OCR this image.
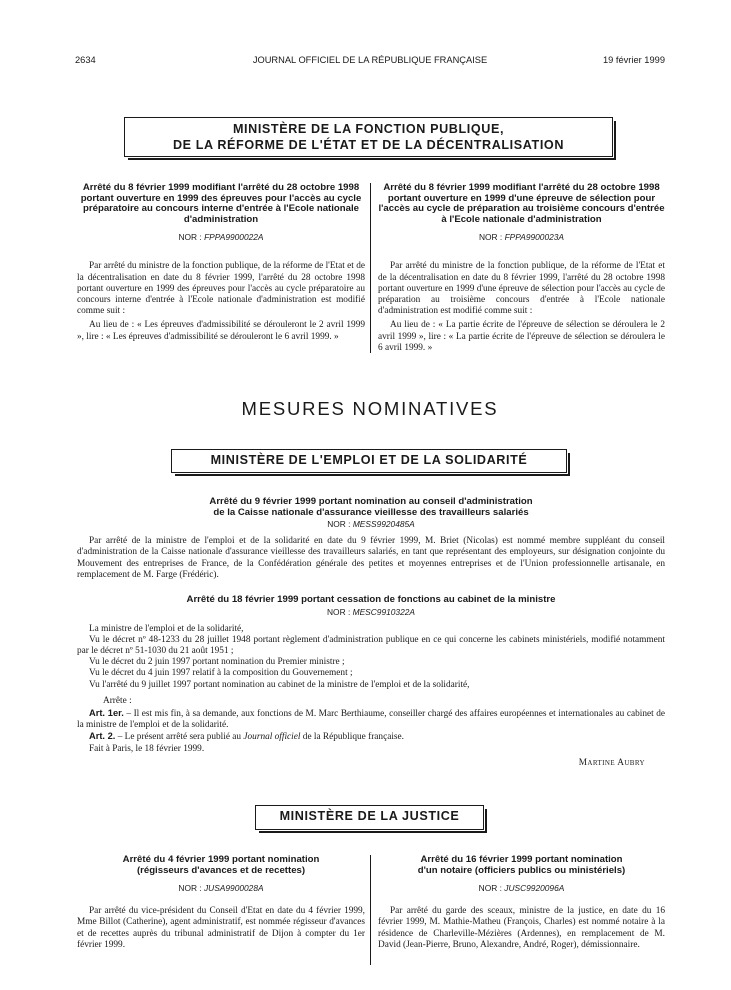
2634	JOURNAL OFFICIEL DE LA RÉPUBLIQUE FRANÇAISE	19 février 1999
MINISTÈRE DE LA FONCTION PUBLIQUE,
DE LA RÉFORME DE L'ÉTAT ET DE LA DÉCENTRALISATION
Arrêté du 8 février 1999 modifiant l'arrêté du 28 octobre 1998 portant ouverture en 1999 des épreuves pour l'accès au cycle préparatoire au concours interne d'entrée à l'Ecole nationale d'administration
NOR : FPPA9900022A

Par arrêté du ministre de la fonction publique, de la réforme de l'Etat et de la décentralisation en date du 8 février 1999, l'arrêté du 28 octobre 1998 portant ouverture en 1999 des épreuves pour l'accès au cycle préparatoire au concours interne d'entrée à l'Ecole nationale d'administration est modifié comme suit :

Au lieu de : « Les épreuves d'admissibilité se dérouleront le 2 avril 1999 », lire : « Les épreuves d'admissibilité se dérouleront le 6 avril 1999. »

Arrêté du 8 février 1999 modifiant l'arrêté du 28 octobre 1998 portant ouverture en 1999 d'une épreuve de sélection pour l'accès au cycle de préparation au troisième concours d'entrée à l'Ecole nationale d'administration
NOR : FPPA9900023A

Par arrêté du ministre de la fonction publique, de la réforme de l'Etat et de la décentralisation en date du 8 février 1999, l'arrêté du 28 octobre 1998 portant ouverture en 1999 d'une épreuve de sélection pour l'accès au cycle de préparation au troisième concours d'entrée à l'Ecole nationale d'administration est modifié comme suit :

Au lieu de : « La partie écrite de l'épreuve de sélection se déroulera le 2 avril 1999 », lire : « La partie écrite de l'épreuve de sélection se déroulera le 6 avril 1999. »

MESURES NOMINATIVES
MINISTÈRE DE L'EMPLOI ET DE LA SOLIDARITÉ
Arrêté du 9 février 1999 portant nomination au conseil d'administration
de la Caisse nationale d'assurance vieillesse des travailleurs salariés
NOR : MESS9920485A

Par arrêté de la ministre de l'emploi et de la solidarité en date du 9 février 1999, M. Briet (Nicolas) est nommé membre suppléant du conseil d'administration de la Caisse nationale d'assurance vieillesse des travailleurs salariés, en tant que représentant des employeurs, sur désignation conjointe du Mouvement des entreprises de France, de la Confédération générale des petites et moyennes entreprises et de l'Union professionnelle artisanale, en remplacement de M. Farge (Frédéric).

Arrêté du 18 février 1999 portant cessation de fonctions au cabinet de la ministre
NOR : MESC9910322A

La ministre de l'emploi et de la solidarité,

Vu le décret nº 48-1233 du 28 juillet 1948 portant règlement d'administration publique en ce qui concerne les cabinets ministériels, modifié notamment par le décret nº 51-1030 du 21 août 1951 ;

Vu le décret du 2 juin 1997 portant nomination du Premier ministre ;

Vu le décret du 4 juin 1997 relatif à la composition du Gouvernement ;

Vu l'arrêté du 9 juillet 1997 portant nomination au cabinet de la ministre de l'emploi et de la solidarité,

Arrête :

Art. 1er. – Il est mis fin, à sa demande, aux fonctions de M. Marc Berthiaume, conseiller chargé des affaires européennes et internationales au cabinet de la ministre de l'emploi et de la solidarité.

Art. 2. – Le présent arrêté sera publié au Journal officiel de la République française.

Fait à Paris, le 18 février 1999.

Martine Aubry

MINISTÈRE DE LA JUSTICE
Arrêté du 4 février 1999 portant nomination
(régisseurs d'avances et de recettes)
NOR : JUSA9900028A

Par arrêté du vice-président du Conseil d'Etat en date du 4 février 1999, Mme Billot (Catherine), agent administratif, est nommée régisseur d'avances et de recettes auprès du tribunal administratif de Dijon à compter du 1er février 1999.

Arrêté du 16 février 1999 portant nomination
d'un notaire (officiers publics ou ministériels)
NOR : JUSC9920096A

Par arrêté du garde des sceaux, ministre de la justice, en date du 16 février 1999, M. Mathie-Matheu (François, Charles) est nommé notaire à la résidence de Charleville-Mézières (Ardennes), en remplacement de M. David (Jean-Pierre, Bruno, Alexandre, André, Roger), démissionnaire.
